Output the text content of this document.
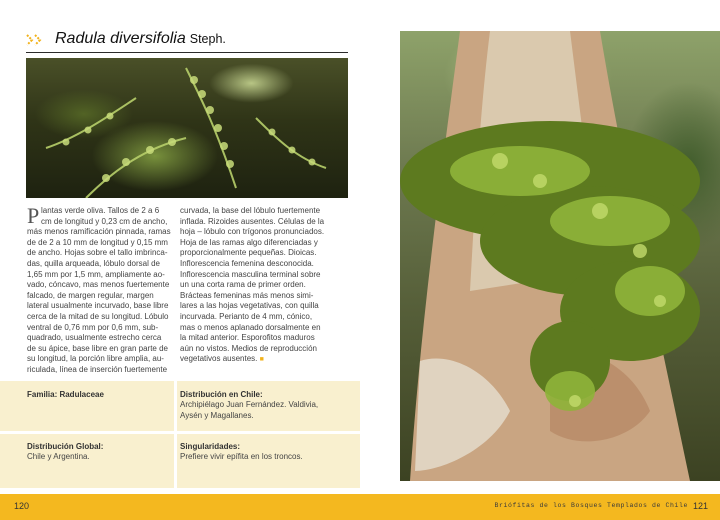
Radula diversifolia Steph.
P lantas verde oliva. Tallos de 2 a 6
cm de longitud y 0,23 cm de ancho,
más menos ramificación pinnada, ramas
de de 2 a 10 mm de longitud y 0,15 mm
de ancho. Hojas sobre el tallo imbrinca-
das, quilla arqueada, lóbulo dorsal de
1,65 mm por 1,5 mm, ampliamente ao-
vado, cóncavo, mas menos fuertemente
falcado, de margen regular, margen
lateral usualmente incurvado, base libre
cerca de la mitad de su longitud. Lóbulo
ventral de 0,76 mm por 0,6 mm, sub-
quadrado, usualmente estrecho cerca
de su ápice, base libre en gran parte de
su longitud, la porción libre amplia, au-
riculada, línea de inserción fuertemente
curvada, la base del lóbulo fuertemente
inflada. Rizoides ausentes. Células de la
hoja – lóbulo con trígonos pronunciados.
Hoja de las ramas algo diferenciadas y
proporcionalmente pequeñas. Dioicas.
Inflorescencia femenina desconocida.
Inflorescencia masculina terminal sobre
un una corta rama de primer orden.
Brácteas femeninas más menos simi-
lares a las hojas vegetativas, con quilla
incurvada. Perianto de 4 mm, cónico,
mas o menos aplanado dorsalmente en
la mitad anterior. Esporofitos maduros
aún no vistos. Medios de reproducción
vegetativos ausentes. ■
Familia: Radulaceae	Distribución en Chile:
Archipiélago Juan Fernández. Valdivia,
Aysén y Magallanes.
Distribución Global:
Chile y Argentina.
Singularidades:
Prefiere vivir epífita en los troncos.
120	Briófitas de los Bosques Templados de Chile 121
